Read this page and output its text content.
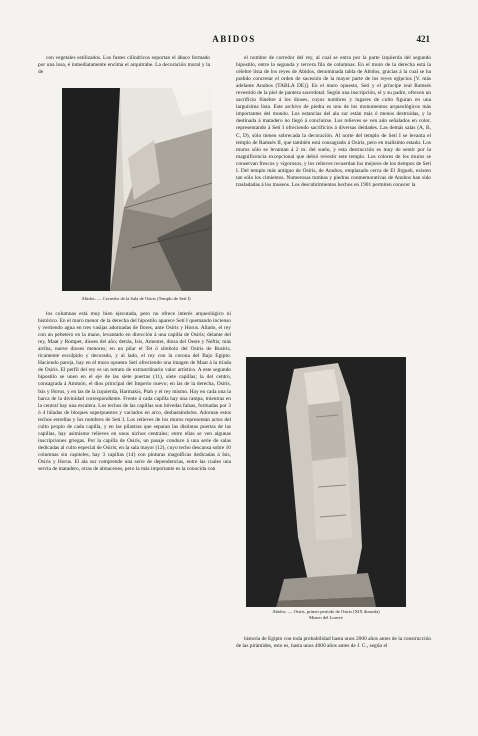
ABIDOS	421

con vegetales estilizados. Los fustes cilíndricos soportan el ábaco formado por una losa, é inmediatamente encima el arquitrabe. La decoración mural y la de

Abidos. — Corredor de la Sala de Osiris (Templo de Setí I)

los columnas está muy bien ejecutada, pero no ofrece interés arqueológico ni histórico. En el muro menor de la derecha del hipostilo aparece Setí I quemando incienso y vertiendo agua en tres vasijas adornadas de flores, ante Osiris y Horus. Allado, el rey con un pebetero en la mano, levantado en dirección á una capilla de Osiris; delante del rey, Maat y Rompet, dioses del año; detrás, Isis, Amentet, diosa del Oeste y Neftis; más arriba, nueve dioses menores; en un pilar el Tet ó símbolo del Osiris de Busiris, ricamente esculpido y decorado, y al lado, el rey con la corona del Bajo Egipto. Haciendo pareja, hay en el muro opuesto Setí ofreciendo una imagen de Maat á la tríada de Osiris. El perfil del rey es un retrato de extraordinario valor artístico. A este segundo hipostilo se unen en el eje de las siete puertas (11), siete capillas; la del centro, consagrada á Ammón, el dios principal del Imperio nuevo; en las de la derecha, Osiris, Isis y Horus, y en las de la izquierda, Harmakis, Ptah y el rey mismo. Hay en cada una la barca de la divinidad correspondiente. Frente á cada capilla hay una rampa, mientras en la central hay una escalera. Los techos de las capillas son bóvedas falsas, formadas por 3 ó 4 hiladas de bloques superpuestos y vaciados en arco, desbastándolos. Adornan estos techos estrellas y los nombres de Setí I. Los relieves de los muros representan actos del culto propio de cada capilla, y en las pilastras que separan las distintas puertas de las capillas, hay asimismo relieves en unos nichos centrales; entre ellas se ven algunas inscripciones griegas. Por la capilla de Osiris, un pasaje conduce á una serie de salas dedicadas al culto especial de Osiris; en la sala mayor (12), cuyo techo descansa sobre 10 columnas sin capiteles, hay 3 capillas (14) con pinturas magníficas dedicadas á Isis, Osiris y Horus. El ala sur comprende una serie de dependencias, entre las cuales una servía de matadero, otras de almacenes, pero la más importante es la conocida con

el nombre de corredor del rey, al cual se entra por la parte izquierda del segundo hipostilo, entre la segunda y tercera fila de columnas. En el muro de la derecha está la célebre lista de los reyes de Abidos, denominada tabla de Abidos, gracias á la cual se ha podido concretar el orden de sucesión de la mayor parte de los reyes egipcios [V. más adelante Anubos (TABLA DE)]. En el muro opuesto, Setí y el príncipe real Ramsés revestido de la piel de pantera sacerdotal. Según una inscripción, el y su padre, ofrecen un sacrificio fúnebre á los dioses, cuyos nombres y lugares de culto figuran en una larguísima lista. Este archivo de piedra es uno de los monumentos arqueológicos más importantes del mundo. Los estancias del ala sur están más ó menos destruidas, y la destinada á matadero no llegó á concluirse. Los relieves se ven aún señalados en color, representando á Setí I ofreciendo sacrificios á diversas deidades. Las demás salas (A, B, C, D), sólo tienen sobrecada la decoración. Al norte del templo de Setí I se levanta el templo de Ramsés II, que también está consagrado á Osiris, pero en malísimo estado. Los muros sólo se levantan á 2 m. del suelo, y esta destrucción es muy de sentir por la magnificencia excepcional que debió revestir este templo. Los colores de los muros se conservan frescos y vigorosos, y los relieves recuerdan los mejores de los tiempos de Setí I. Del templo más antiguo de Osiris, de Anubos, emplazado cerca de El Jirgueh, existen tan sólo los cimientos. Numerosas tumbas y piedras conmemorativas de Anubos han sido trasladadas á los museos. Los descubrimientos hechos en 1901 permiten conocer la

Abidos. — Osiris, primer período de Osiris (XIX dinastía)
Museo del Louvre

historia de Egipto con toda probabilidad hasta unos 2000 años antes de la construcción de las pirámides, esto es, hasta unos 4000 años antes de J. C., según el
